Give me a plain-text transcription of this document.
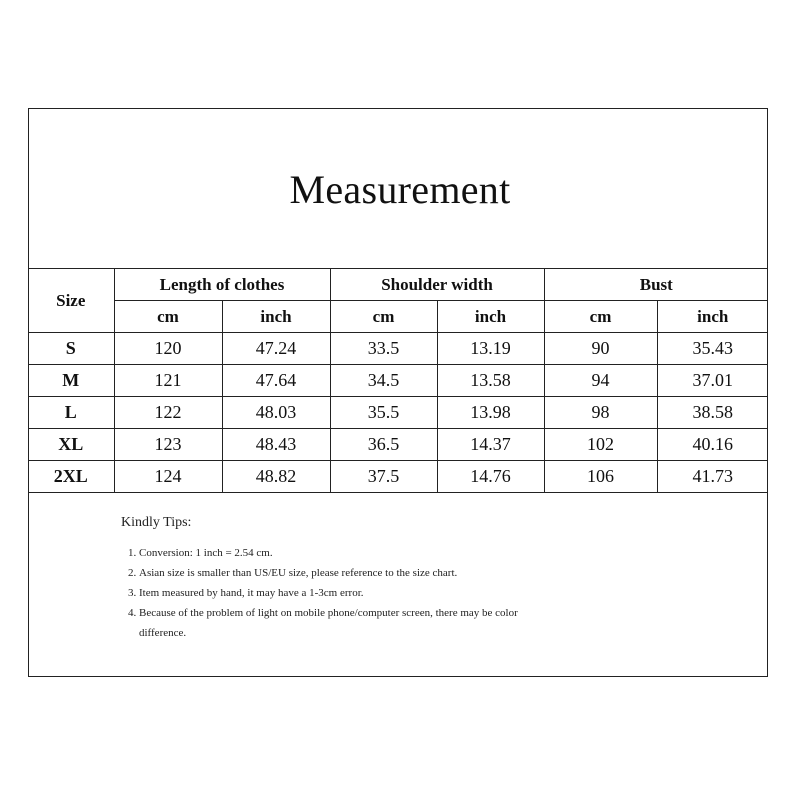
Measurement
Size	Length of clothes		Shoulder width		Bust	
	cm	inch	cm	inch	cm	inch
S	120	47.24	33.5	13.19	90	35.43
M	121	47.64	34.5	13.58	94	37.01
L	122	48.03	35.5	13.98	98	38.58
XL	123	48.43	36.5	14.37	102	40.16
2XL	124	48.82	37.5	14.76	106	41.73
Kindly Tips:
1. Conversion: 1 inch = 2.54 cm.
2. Asian size is smaller than US/EU size, please reference to the size chart.
3. Item measured by hand, it may have a 1-3cm error.
4. Because of the problem of light on mobile phone/computer screen, there may be color difference.
